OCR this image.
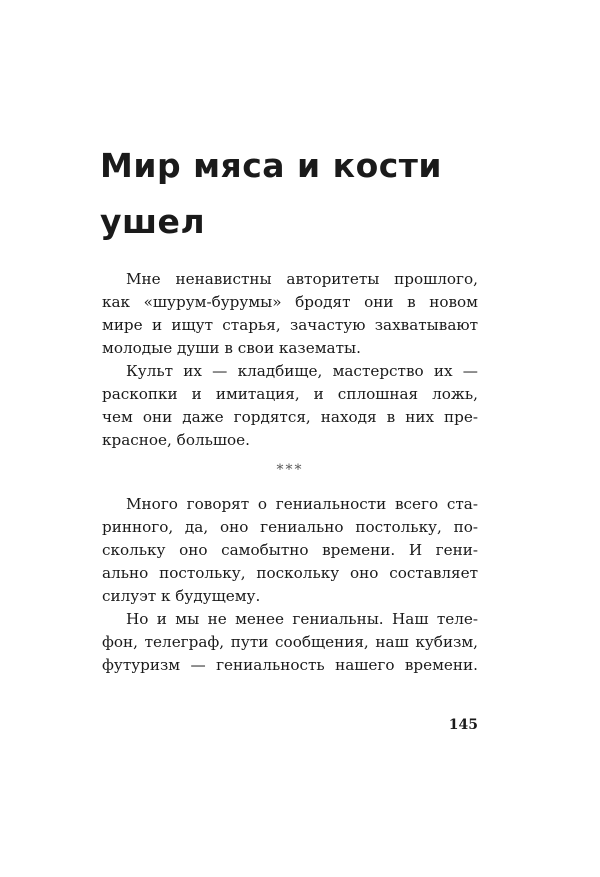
Мир мяса и кости
ушел
Мне ненавистны авторитеты прошлого,
как «шурум-бурумы» бродят они в новом
мире и ищут старья, зачастую захватывают
молодые души в свои казематы.
Культ их — кладбище, мастерство их —
раскопки и имитация, и сплошная ложь,
чем они даже гордятся, находя в них пре-
красное, большое.
***
Много говорят о гениальности всего ста-
ринного, да, оно гениально постольку, по-
скольку оно самобытно времени. И гени-
ально постольку, поскольку оно составляет
силуэт к будущему.
Но и мы не менее гениальны. Наш теле-
фон, телеграф, пути сообщения, наш кубизм,
футуризм — гениальность нашего времени.
145
